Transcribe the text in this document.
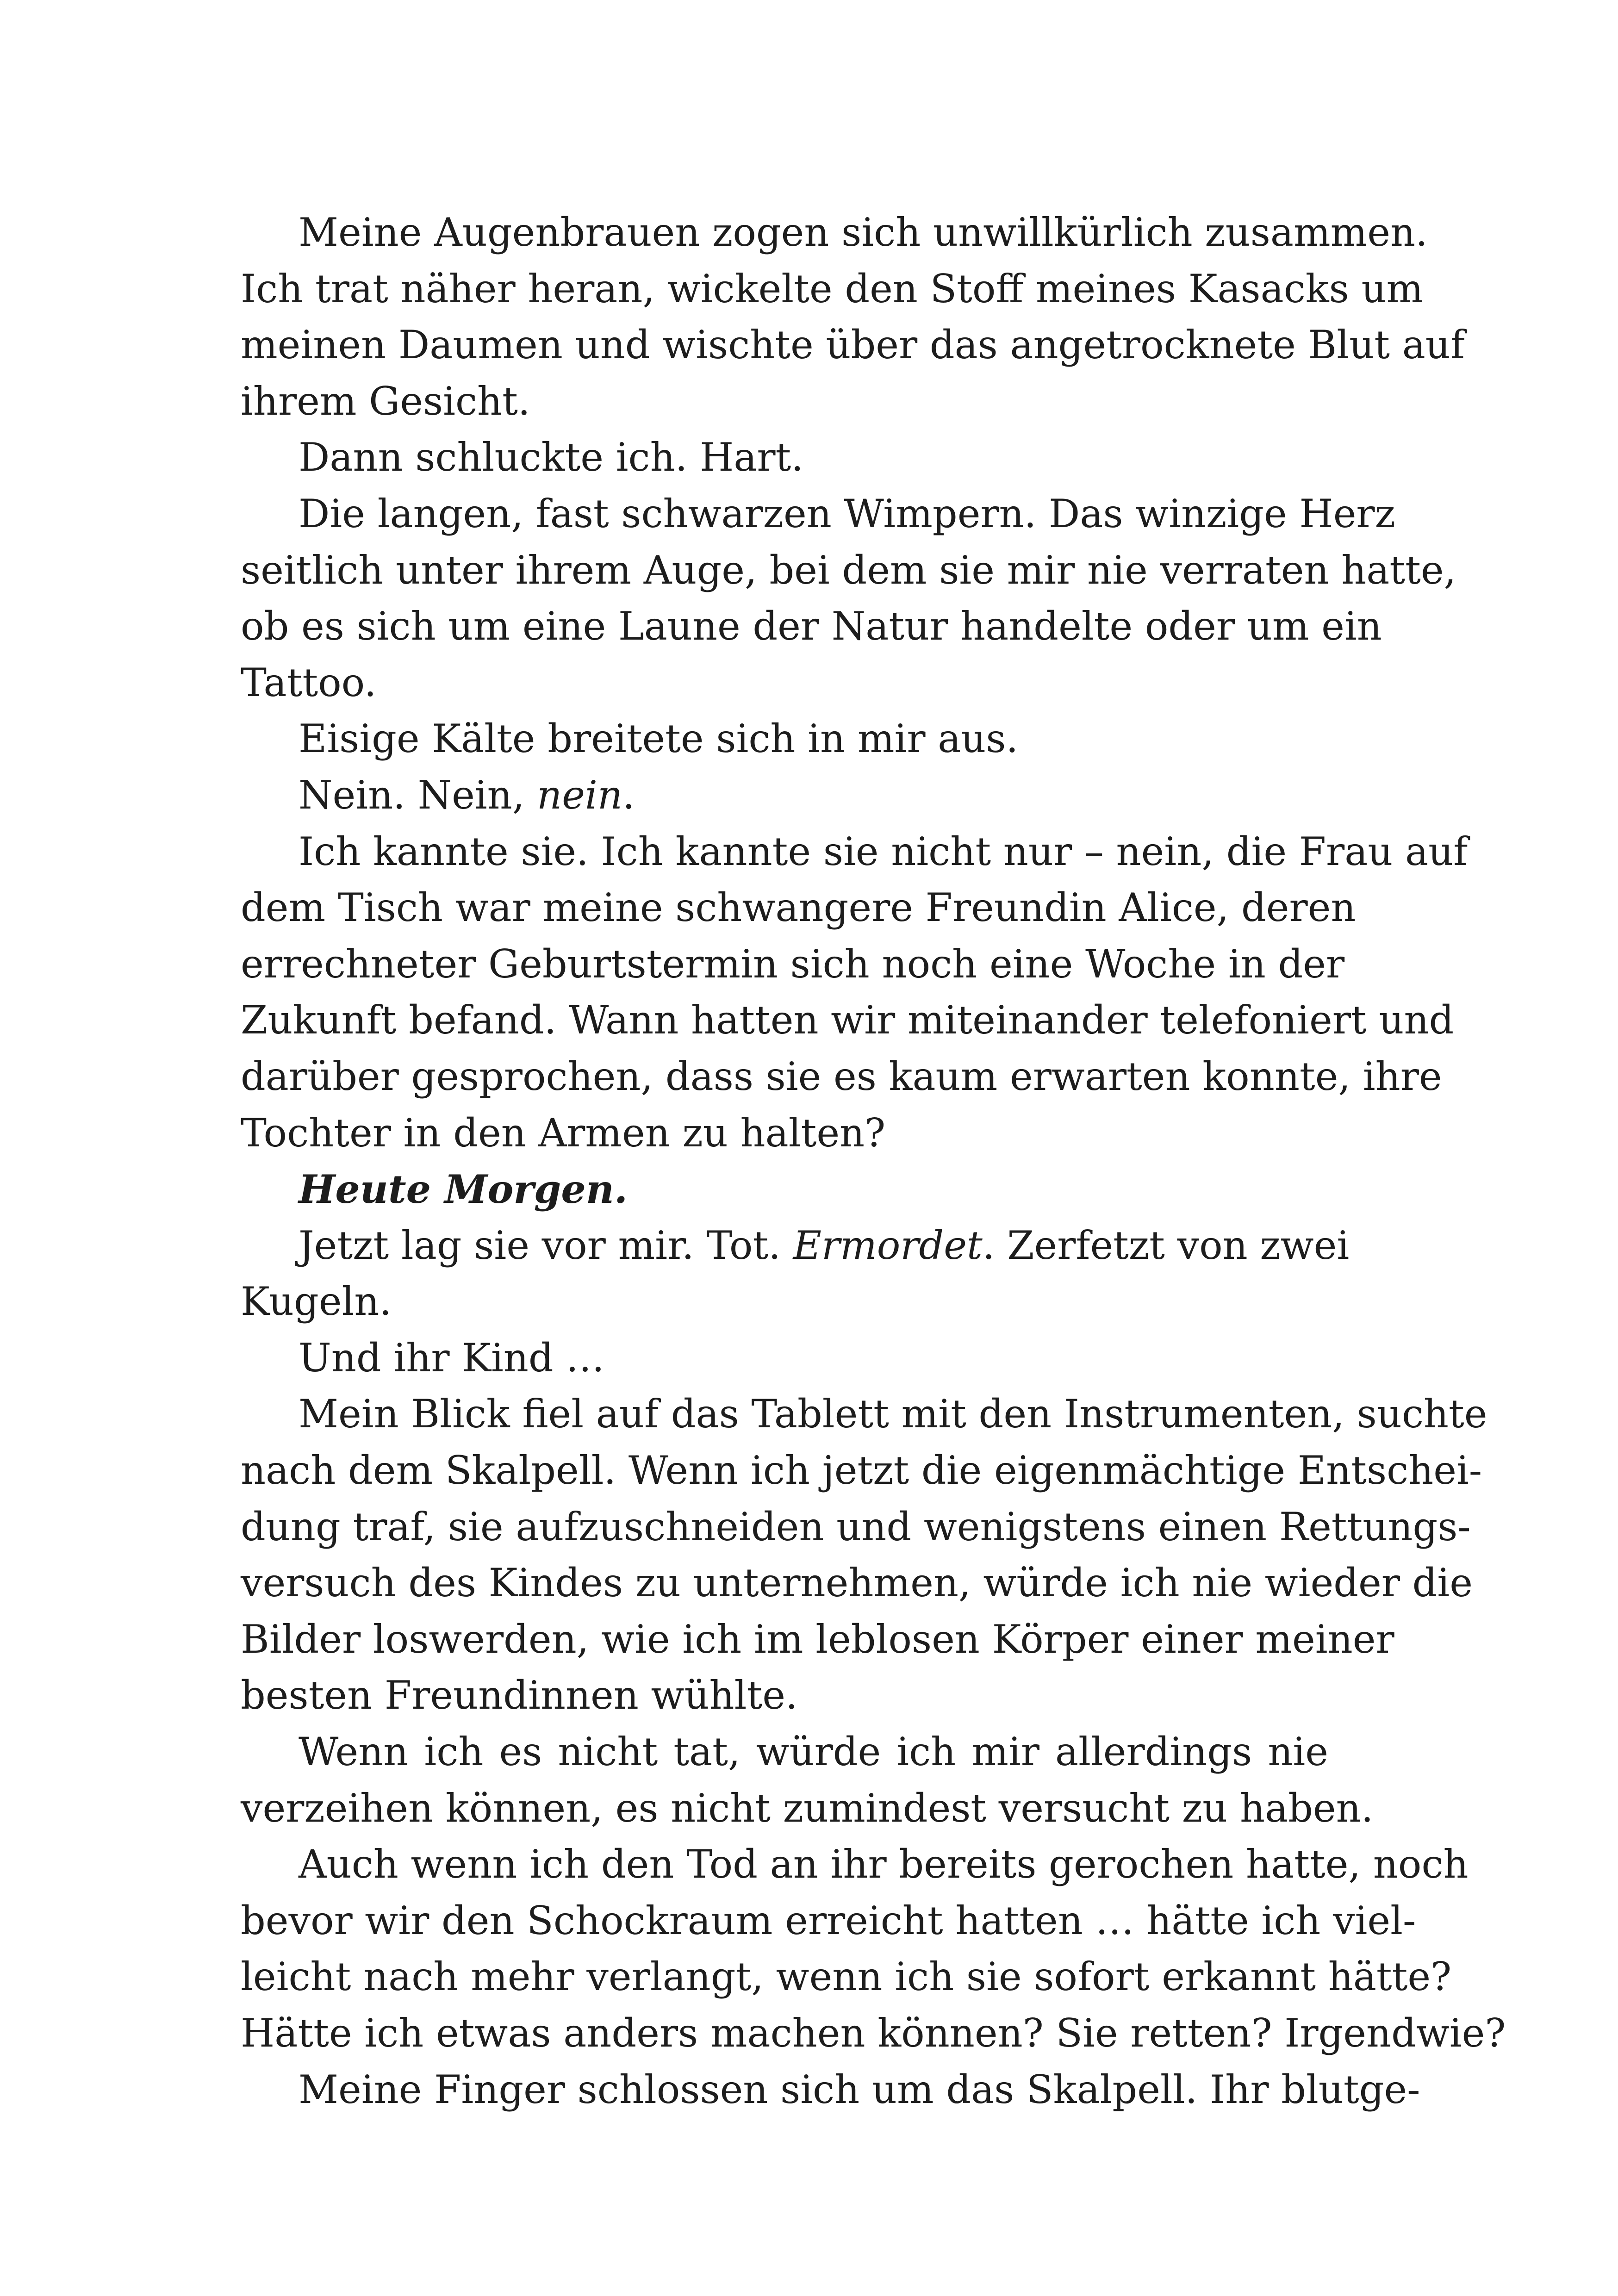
Meine Augenbrauen zogen sich unwillkürlich zusammen.
Ich trat näher heran, wickelte den Stoff meines Kasacks um
meinen Daumen und wischte über das angetrocknete Blut auf
ihrem Gesicht.
Dann schluckte ich. Hart.
Die langen, fast schwarzen Wimpern. Das winzige Herz
seitlich unter ihrem Auge, bei dem sie mir nie verraten hatte,
ob es sich um eine Laune der Natur handelte oder um ein
Tattoo.
Eisige Kälte breitete sich in mir aus.
Nein. Nein, nein.
Ich kannte sie. Ich kannte sie nicht nur – nein, die Frau auf
dem Tisch war meine schwangere Freundin Alice, deren
errechneter Geburtstermin sich noch eine Woche in der
Zukunft befand. Wann hatten wir miteinander telefoniert und
darüber gesprochen, dass sie es kaum erwarten konnte, ihre
Tochter in den Armen zu halten?
Heute Morgen.
Jetzt lag sie vor mir. Tot. Ermordet. Zerfetzt von zwei
Kugeln.
Und ihr Kind …
Mein Blick fiel auf das Tablett mit den Instrumenten, suchte
nach dem Skalpell. Wenn ich jetzt die eigenmächtige Entschei-
dung traf, sie aufzuschneiden und wenigstens einen Rettungs-
versuch des Kindes zu unternehmen, würde ich nie wieder die
Bilder loswerden, wie ich im leblosen Körper einer meiner
besten Freundinnen wühlte.
Wenn ich es nicht tat, würde ich mir allerdings nie
verzeihen können, es nicht zumindest versucht zu haben.
Auch wenn ich den Tod an ihr bereits gerochen hatte, noch
bevor wir den Schockraum erreicht hatten … hätte ich viel-
leicht nach mehr verlangt, wenn ich sie sofort erkannt hätte?
Hätte ich etwas anders machen können? Sie retten? Irgendwie?
Meine Finger schlossen sich um das Skalpell. Ihr blutge-
